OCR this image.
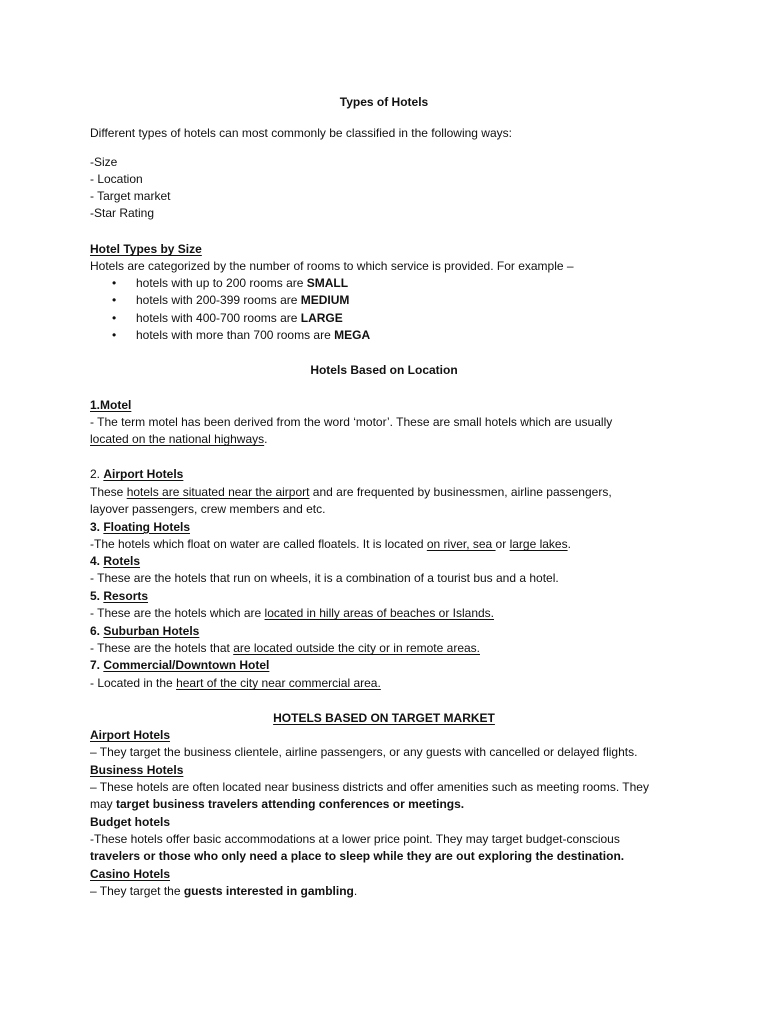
Types of Hotels
Different types of hotels can most commonly be classified in the following ways:
-Size
- Location
- Target market
-Star Rating
Hotel Types by Size
Hotels are categorized by the number of rooms to which service is provided. For example –
•	hotels with up to 200 rooms are SMALL
•	hotels with 200-399 rooms are MEDIUM
•	hotels with 400-700 rooms are LARGE
•	hotels with more than 700 rooms are MEGA
Hotels Based on Location
1.Motel
- The term motel has been derived from the word ‘motor’. These are small hotels which are usually
located on the national highways.
2. Airport Hotels
These hotels are situated near the airport and are frequented by businessmen, airline passengers,
layover passengers, crew members and etc.
3. Floating Hotels
-The hotels which float on water are called floatels. It is located on river, sea or large lakes.
4. Rotels
- These are the hotels that run on wheels, it is a combination of a tourist bus and a hotel.
5. Resorts
- These are the hotels which are located in hilly areas of beaches or Islands.
6. Suburban Hotels
- These are the hotels that are located outside the city or in remote areas.
7. Commercial/Downtown Hotel
- Located in the heart of the city near commercial area.
HOTELS BASED ON TARGET MARKET
Airport Hotels
– They target the business clientele, airline passengers, or any guests with cancelled or delayed flights.
Business Hotels
– These hotels are often located near business districts and offer amenities such as meeting rooms. They
may target business travelers attending conferences or meetings.
Budget hotels
-These hotels offer basic accommodations at a lower price point. They may target budget-conscious
travelers or those who only need a place to sleep while they are out exploring the destination.
Casino Hotels
– They target the guests interested in gambling.
